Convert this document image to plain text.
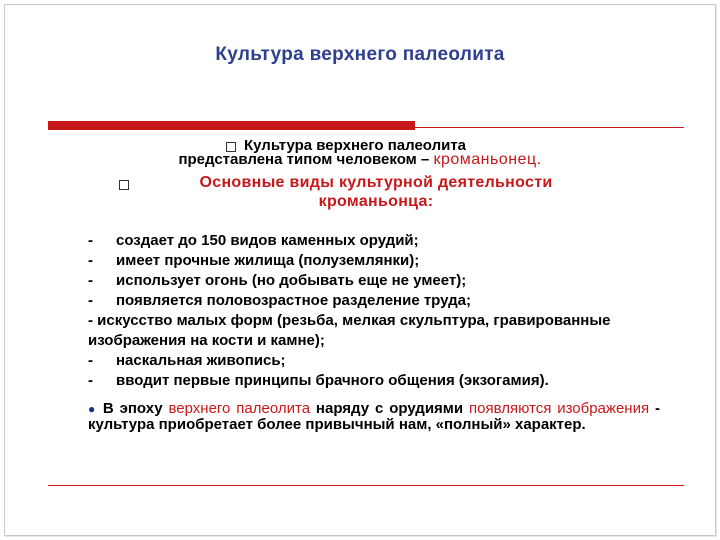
Культура верхнего палеолита
Культура верхнего палеолита
представлена типом человеком – кроманьонец.
Основные виды культурной деятельности кроманьонца:
-	создает до 150 видов каменных орудий;
-	имеет прочные жилища (полуземлянки);
-	использует огонь (но добывать еще не умеет);
-	появляется половозрастное разделение труда;
- искусство малых форм (резьба, мелкая скульптура, гравированные изображения на кости и камне);
-	наскальная живопись;
-	вводит первые принципы брачного общения (экзогамия).
● В эпоху верхнего палеолита наряду с орудиями появляются изображения - культура приобретает более привычный нам, «полный» характер.
